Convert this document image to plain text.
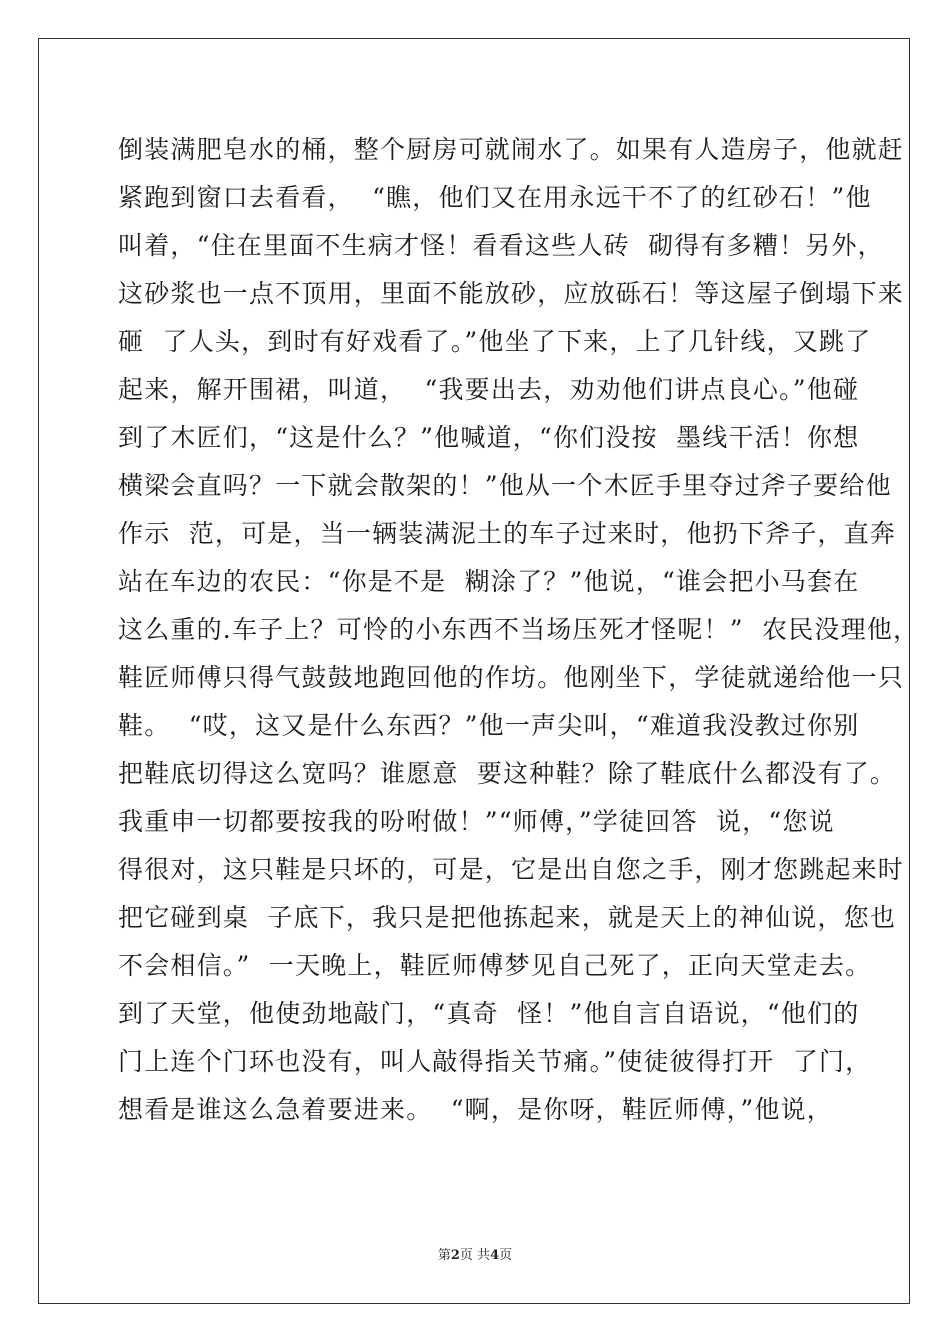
倒装满肥皂水的桶，整个厨房可就闹水了。如果有人造房子，他就赶
紧跑到窗口去看看，  “瞧，他们又在用永远干不了的红砂石！”他
叫着，“住在里面不生病才怪！看看这些人砖  砌得有多糟！另外，
这砂浆也一点不顶用，里面不能放砂，应放砾石！等这屋子倒塌下来
砸  了人头，到时有好戏看了。”他坐了下来，上了几针线，又跳了
起来，解开围裙，叫道，  “我要出去，劝劝他们讲点良心。”他碰
到了木匠们，“这是什么？”他喊道，“你们没按  墨线干活！你想
横梁会直吗？一下就会散架的！”他从一个木匠手里夺过斧子要给他
作示  范，可是，当一辆装满泥土的车子过来时，他扔下斧子，直奔
站在车边的农民：“你是不是  糊涂了？”他说，“谁会把小马套在
这么重的.车子上？可怜的小东西不当场压死才怪呢！”  农民没理他，
鞋匠师傅只得气鼓鼓地跑回他的作坊。他刚坐下，学徒就递给他一只
鞋。  “哎，这又是什么东西？”他一声尖叫，“难道我没教过你别
把鞋底切得这么宽吗？谁愿意  要这种鞋？除了鞋底什么都没有了。
我重申一切都要按我的吩咐做！”“师傅，”学徒回答  说，“您说
得很对，这只鞋是只坏的，可是，它是出自您之手，刚才您跳起来时
把它碰到桌  子底下，我只是把他拣起来，就是天上的神仙说，您也
不会相信。”  一天晚上，鞋匠师傅梦见自己死了，正向天堂走去。
到了天堂，他使劲地敲门，“真奇  怪！”他自言自语说，“他们的
门上连个门环也没有，叫人敲得指关节痛。”使徒彼得打开  了门，
想看是谁这么急着要进来。  “啊，是你呀，鞋匠师傅，”他说，
第2页 共4页
